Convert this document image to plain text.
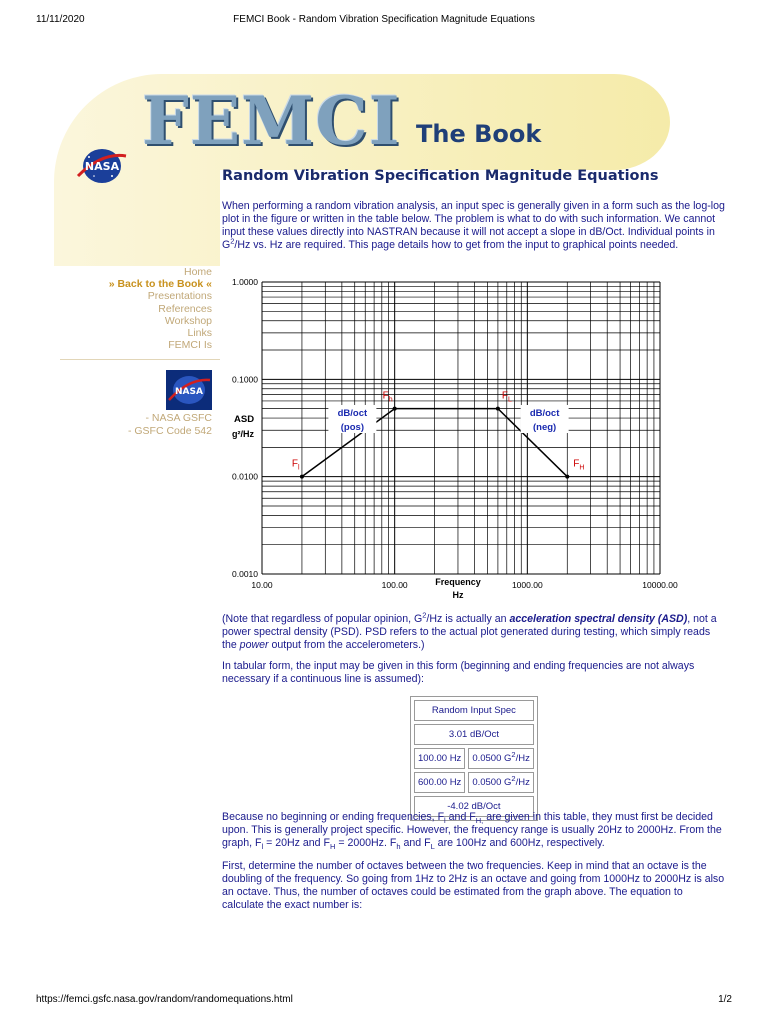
11/11/2020	FEMCI Book - Random Vibration Specification Magnitude Equations
NASA
FEMCI The Book
Random Vibration Specification Magnitude Equations
When performing a random vibration analysis, an input spec is generally given in a form such as the log-log plot in the figure or written in the table below. The problem is what to do with such information. We cannot input these values directly into NASTRAN because it will not accept a slope in dB/Oct. Individual points in $G^2/Hz$ vs. Hz are required. This page details how to get from the input to graphical points needed.
Home
» Back to the Book «
Presentations
References
Workshop
Links
FEMCI Is
NASA
- NASA GSFC
- GSFC Code 542
10.00	100.00	1000.00	10000.00
0.0010
0.0100
0.1000
1.0000
Frequency
Hz
ASD
g²/Hz
$F_l$
$F_h$	$F_L$
$F_H$
dB/oct
(pos)
dB/oct
(neg)
(Note that regardless of popular opinion, $G^2/Hz$ is actually an acceleration spectral density (ASD), not a power spectral density (PSD). PSD refers to the actual plot generated during testing, which simply reads the power output from the accelerometers.)
In tabular form, the input may be given in this form (beginning and ending frequencies are not always necessary if a continuous line is assumed):
Random Input Spec	
3.01 dB/Oct	
100.00 Hz	0.0500 $G^2/Hz$
600.00 Hz	0.0500 $G^2/Hz$
-4.02 dB/Oct	
Because no beginning or ending frequencies, $F_l$ and $F_{H,}$ are given in this table, they must first be decided upon. This is generally project specific. However, the frequency range is usually 20Hz to 2000Hz. From the graph, $F_l = 20Hz$ and $F_H = 2000Hz$. $F_h$ and $F_L$ are 100Hz and 600Hz, respectively.
First, determine the number of octaves between the two frequencies. Keep in mind that an octave is the doubling of the frequency. So going from 1Hz to 2Hz is an octave and going from 1000Hz to 2000Hz is also an octave. Thus, the number of octaves could be estimated from the graph above. The equation to calculate the exact number is:
https://femci.gsfc.nasa.gov/random/randomequations.html	1/2
